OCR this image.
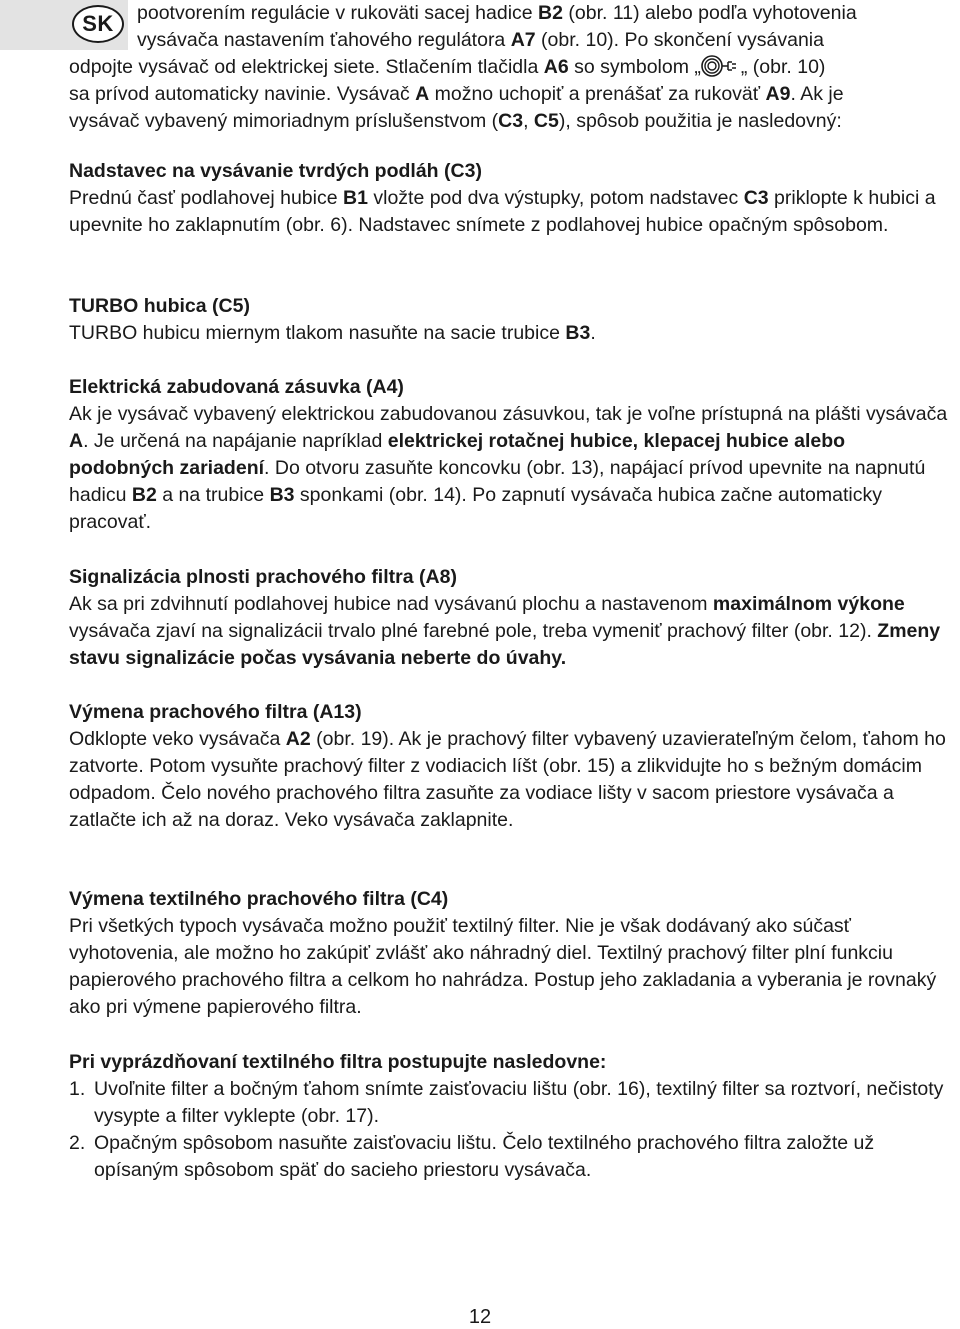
SK	pootvorením regulácie v rukoväti sacej hadice B2 (obr. 11) alebo podľa vyhotovenia
vysávača nastavením ťahového regulátora A7 (obr. 10). Po skončení vysávania
odpojte vysávač od elektrickej siete. Stlačením tlačidla A6 so symbolom „ „ (obr. 10)
sa prívod automaticky navinie. Vysávač A možno uchopiť a prenášať za rukoväť A9. Ak je
vysávač vybavený mimoriadnym príslušenstvom (C3, C5), spôsob použitia je nasledovný:
Nadstavec na vysávanie tvrdých podláh (C3)

Prednú časť podlahovej hubice B1 vložte pod dva výstupky, potom nadstavec C3 priklopte k hubici a upevnite ho zaklapnutím (obr. 6). Nadstavec snímete z podlahovej hubice opačným spôsobom.

TURBO hubica (C5)

TURBO hubicu miernym tlakom nasuňte na sacie trubice B3.

Elektrická zabudovaná zásuvka (A4)

Ak je vysávač vybavený elektrickou zabudovanou zásuvkou, tak je voľne prístupná na plášti vysávača A. Je určená na napájanie napríklad elektrickej rotačnej hubice, klepacej hubice alebo podobných zariadení. Do otvoru zasuňte koncovku (obr. 13), napájací prívod upevnite na napnutú hadicu B2 a na trubice B3 sponkami (obr. 14). Po zapnutí vysávača hubica začne automaticky pracovať.

Signalizácia plnosti prachového filtra (A8)

Ak sa pri zdvihnutí podlahovej hubice nad vysávanú plochu a nastavenom maximálnom výkone vysávača zjaví na signalizácii trvalo plné farebné pole, treba vymeniť prachový filter (obr. 12). Zmeny stavu signalizácie počas vysávania neberte do úvahy.

Výmena prachového filtra (A13)

Odklopte veko vysávača A2 (obr. 19). Ak je prachový filter vybavený uzavierateľným čelom, ťahom ho zatvorte. Potom vysuňte prachový filter z vodiacich líšt (obr. 15) a zlikvidujte ho s bežným domácim odpadom. Čelo nového prachového filtra zasuňte za vodiace lišty v sacom priestore vysávača a zatlačte ich až na doraz. Veko vysávača zaklapnite.

Výmena textilného prachového filtra (C4)

Pri všetkých typoch vysávača možno použiť textilný filter. Nie je však dodávaný ako súčasť vyhotovenia, ale možno ho zakúpiť zvlášť ako náhradný diel. Textilný prachový filter plní funkciu papierového prachového filtra a celkom ho nahrádza. Postup jeho zakladania a vyberania je rovnaký ako pri výmene papierového filtra.

Pri vyprázdňovaní textilného filtra postupujte nasledovne:
1. Uvoľnite filter a bočným ťahom snímte zaisťovaciu lištu (obr. 16), textilný filter sa roztvorí, nečistoty vysypte a filter vyklepte (obr. 17).
2. Opačným spôsobom nasuňte zaisťovaciu lištu. Čelo textilného prachového filtra založte už opísaným spôsobom späť do sacieho priestoru vysávača.
12
